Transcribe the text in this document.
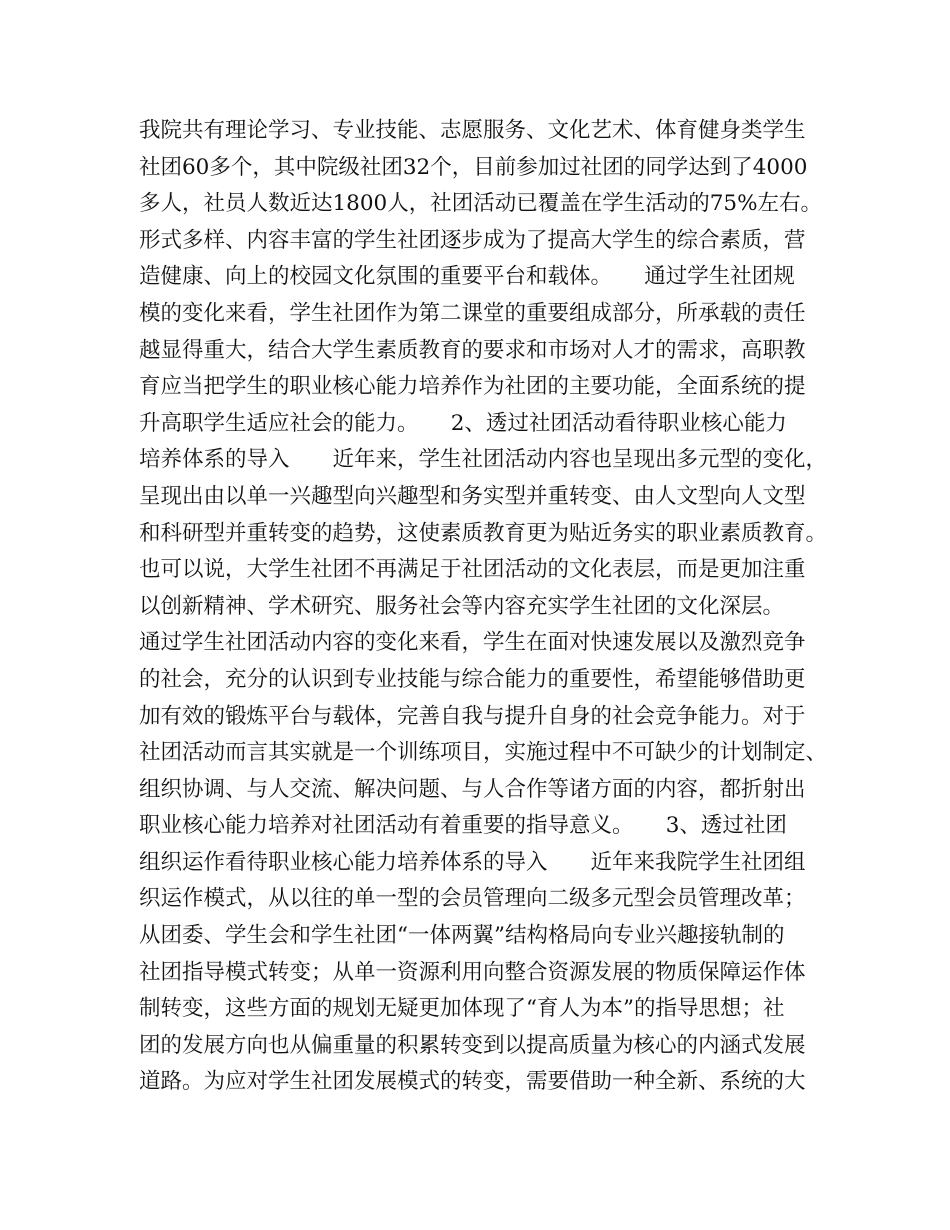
我院共有理论学习、专业技能、志愿服务、文化艺术、体育健身类学生
社团60多个，其中院级社团32个，目前参加过社团的同学达到了4000
多人，社员人数近达1800人，社团活动已覆盖在学生活动的75%左右。
形式多样、内容丰富的学生社团逐步成为了提高大学生的综合素质，营
造健康、向上的校园文化氛围的重要平台和载体。　　通过学生社团规
模的变化来看，学生社团作为第二课堂的重要组成部分，所承载的责任
越显得重大，结合大学生素质教育的要求和市场对人才的需求，高职教
育应当把学生的职业核心能力培养作为社团的主要功能，全面系统的提
升高职学生适应社会的能力。　　2、透过社团活动看待职业核心能力
培养体系的导入　　近年来，学生社团活动内容也呈现出多元型的变化，
呈现出由以单一兴趣型向兴趣型和务实型并重转变、由人文型向人文型
和科研型并重转变的趋势，这使素质教育更为贴近务实的职业素质教育。
也可以说，大学生社团不再满足于社团活动的文化表层，而是更加注重
以创新精神、学术研究、服务社会等内容充实学生社团的文化深层。
通过学生社团活动内容的变化来看，学生在面对快速发展以及激烈竞争
的社会，充分的认识到专业技能与综合能力的重要性，希望能够借助更
加有效的锻炼平台与载体，完善自我与提升自身的社会竞争能力。对于
社团活动而言其实就是一个训练项目，实施过程中不可缺少的计划制定、
组织协调、与人交流、解决问题、与人合作等诸方面的内容，都折射出
职业核心能力培养对社团活动有着重要的指导意义。　　3、透过社团
组织运作看待职业核心能力培养体系的导入　　近年来我院学生社团组
织运作模式，从以往的单一型的会员管理向二级多元型会员管理改革；
从团委、学生会和学生社团“一体两翼”结构格局向专业兴趣接轨制的
社团指导模式转变；从单一资源利用向整合资源发展的物质保障运作体
制转变，这些方面的规划无疑更加体现了“育人为本”的指导思想；社
团的发展方向也从偏重量的积累转变到以提高质量为核心的内涵式发展
道路。为应对学生社团发展模式的转变，需要借助一种全新、系统的大
